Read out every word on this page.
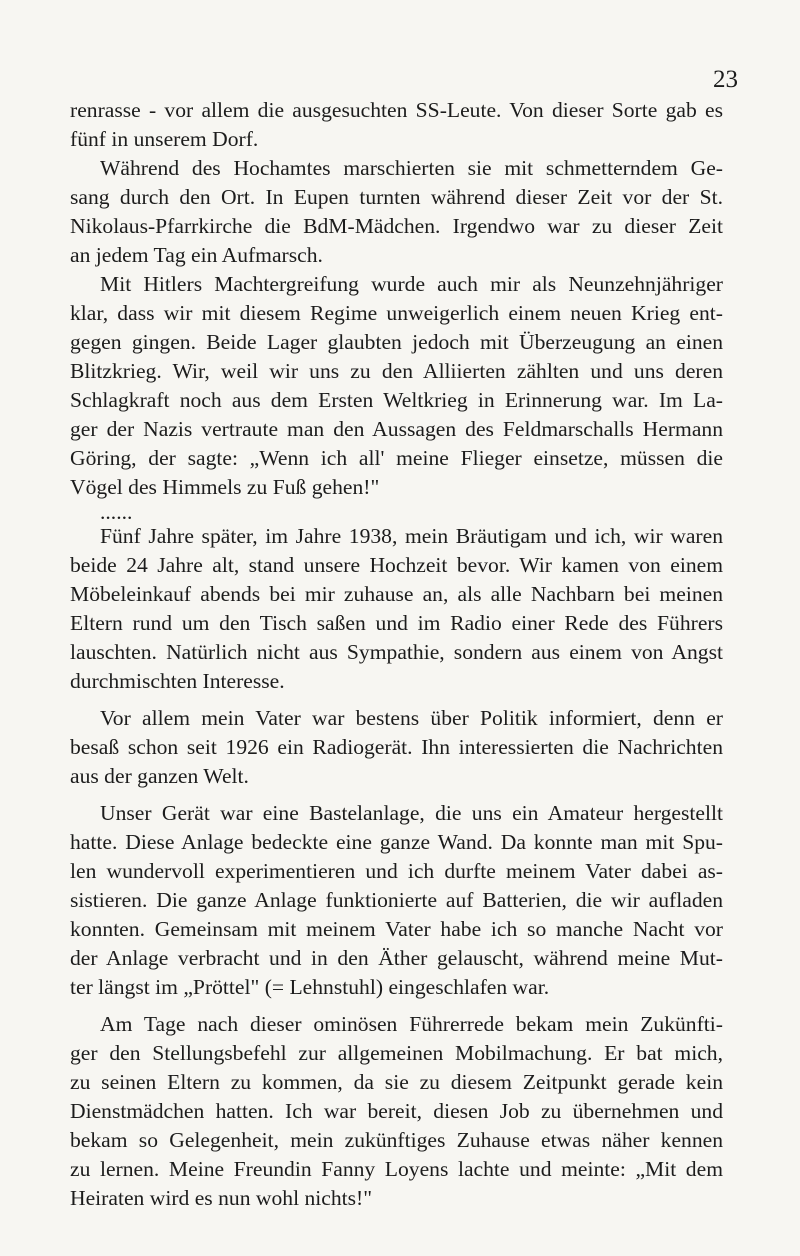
23
renrasse - vor allem die ausgesuchten SS-Leute. Von dieser Sorte gab es
fünf in unserem Dorf.
Während des Hochamtes marschierten sie mit schmetterndem Ge-
sang durch den Ort. In Eupen turnten während dieser Zeit vor der St.
Nikolaus-Pfarrkirche die BdM-Mädchen. Irgendwo war zu dieser Zeit
an jedem Tag ein Aufmarsch.
Mit Hitlers Machtergreifung wurde auch mir als Neunzehnjähriger
klar, dass wir mit diesem Regime unweigerlich einem neuen Krieg ent-
gegen gingen. Beide Lager glaubten jedoch mit Überzeugung an einen
Blitzkrieg. Wir, weil wir uns zu den Alliierten zählten und uns deren
Schlagkraft noch aus dem Ersten Weltkrieg in Erinnerung war. Im La-
ger der Nazis vertraute man den Aussagen des Feldmarschalls Hermann
Göring, der sagte: „Wenn ich all' meine Flieger einsetze, müssen die
Vögel des Himmels zu Fuß gehen!"
......
Fünf Jahre später, im Jahre 1938, mein Bräutigam und ich, wir waren
beide 24 Jahre alt, stand unsere Hochzeit bevor. Wir kamen von einem
Möbeleinkauf abends bei mir zuhause an, als alle Nachbarn bei meinen
Eltern rund um den Tisch saßen und im Radio einer Rede des Führers
lauschten. Natürlich nicht aus Sympathie, sondern aus einem von Angst
durchmischten Interesse.
Vor allem mein Vater war bestens über Politik informiert, denn er
besaß schon seit 1926 ein Radiogerät. Ihn interessierten die Nachrichten
aus der ganzen Welt.
Unser Gerät war eine Bastelanlage, die uns ein Amateur hergestellt
hatte. Diese Anlage bedeckte eine ganze Wand. Da konnte man mit Spu-
len wundervoll experimentieren und ich durfte meinem Vater dabei as-
sistieren. Die ganze Anlage funktionierte auf Batterien, die wir aufladen
konnten. Gemeinsam mit meinem Vater habe ich so manche Nacht vor
der Anlage verbracht und in den Äther gelauscht, während meine Mut-
ter längst im „Pröttel" (= Lehnstuhl) eingeschlafen war.
Am Tage nach dieser ominösen Führerrede bekam mein Zukünfti-
ger den Stellungsbefehl zur allgemeinen Mobilmachung. Er bat mich,
zu seinen Eltern zu kommen, da sie zu diesem Zeitpunkt gerade kein
Dienstmädchen hatten. Ich war bereit, diesen Job zu übernehmen und
bekam so Gelegenheit, mein zukünftiges Zuhause etwas näher kennen
zu lernen. Meine Freundin Fanny Loyens lachte und meinte: „Mit dem
Heiraten wird es nun wohl nichts!"
